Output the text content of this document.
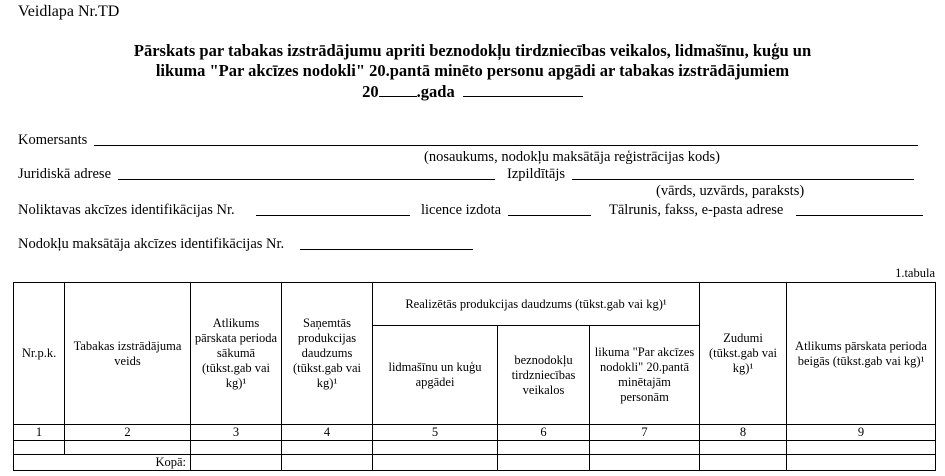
Veidlapa Nr.TD
Pārskats par tabakas izstrādājumu apriti beznodokļu tirdzniecības veikalos, lidmašīnu, kuģu un
likuma "Par akcīzes nodokli" 20.pantā minēto personu apgādi ar tabakas izstrādājumiem
20 .gada
Komersants
(nosaukums, nodokļu maksātāja reģistrācijas kods)
Juridiskā adrese	Izpildītājs
(vārds, uzvārds, paraksts)
Noliktavas akcīzes identifikācijas Nr.	licence izdota	Tālrunis, fakss, e-pasta adrese
Nodokļu maksātāja akcīzes identifikācijas Nr.
1.tabula
Nr.p.k.	Tabakas izstrādājuma veids	Atlikums pārskata perioda sākumā (tūkst.gab vai kg)¹	Saņemtās produkcijas daudzums (tūkst.gab vai kg)¹	Realizētās produkcijas daudzums (tūkst.gab vai kg)¹			Zudumi (tūkst.gab vai kg)¹	Atlikums pārskata perioda beigās (tūkst.gab vai kg)¹
				lidmašīnu un kuģu apgādei	beznodokļu tirdzniecības veikalos	likuma "Par akcīzes nodokli" 20.pantā minētajām personām		
1	2	3	4	5	6	7	8	9

Kopā:								
